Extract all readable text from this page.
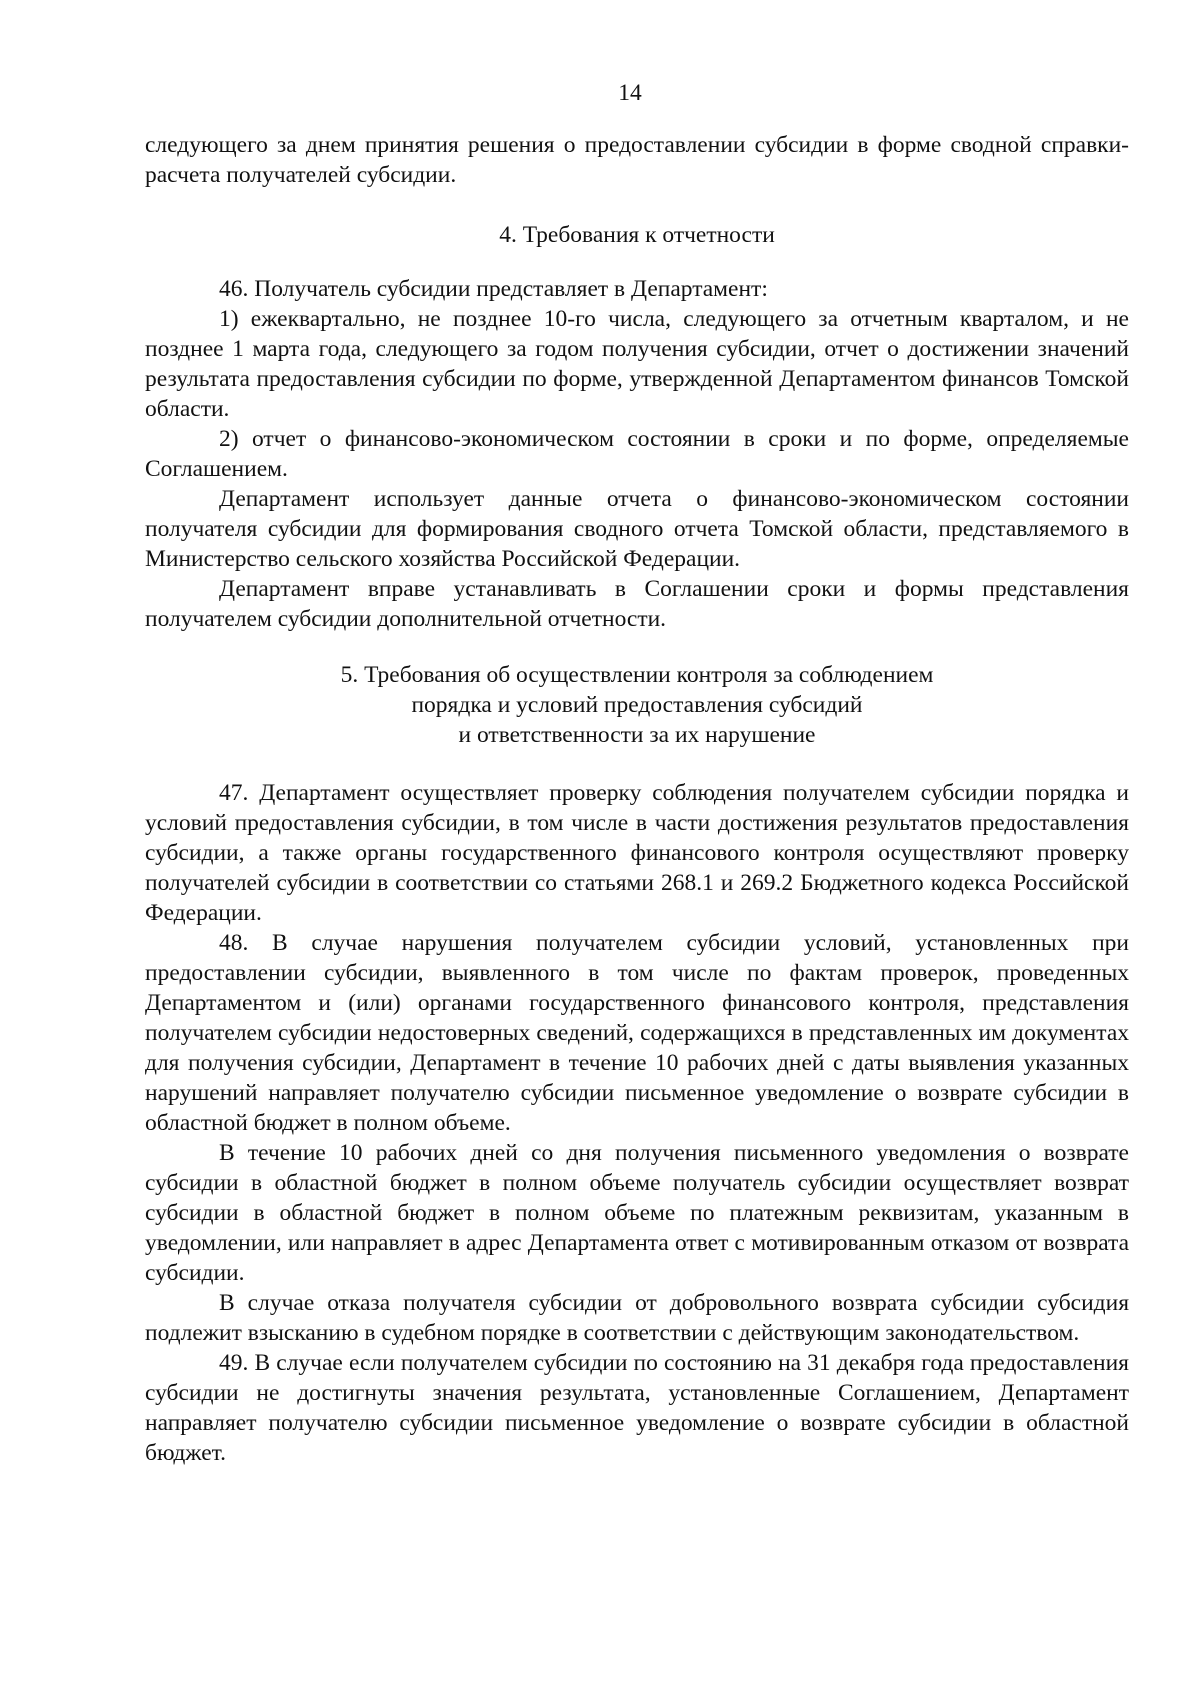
14

следующего за днем принятия решения о предоставлении субсидии в форме сводной справки-расчета получателей субсидии.

4. Требования к отчетности

46. Получатель субсидии представляет в Департамент:

1) ежеквартально, не позднее 10-го числа, следующего за отчетным кварталом, и не позднее 1 марта года, следующего за годом получения субсидии, отчет о достижении значений результата предоставления субсидии по форме, утвержденной Департаментом финансов Томской области.

2) отчет о финансово-экономическом состоянии в сроки и по форме, определяемые Соглашением.

Департамент использует данные отчета о финансово-экономическом состоянии получателя субсидии для формирования сводного отчета Томской области, представляемого в Министерство сельского хозяйства Российской Федерации.

Департамент вправе устанавливать в Соглашении сроки и формы представления получателем субсидии дополнительной отчетности.

5. Требования об осуществлении контроля за соблюдением

порядка и условий предоставления субсидий

и ответственности за их нарушение

47. Департамент осуществляет проверку соблюдения получателем субсидии порядка и условий предоставления субсидии, в том числе в части достижения результатов предоставления субсидии, а также органы государственного финансового контроля осуществляют проверку получателей субсидии в соответствии со статьями 268.1 и 269.2 Бюджетного кодекса Российской Федерации.

48. В случае нарушения получателем субсидии условий, установленных при предоставлении субсидии, выявленного в том числе по фактам проверок, проведенных Департаментом и (или) органами государственного финансового контроля, представления получателем субсидии недостоверных сведений, содержащихся в представленных им документах для получения субсидии, Департамент в течение 10 рабочих дней с даты выявления указанных нарушений направляет получателю субсидии письменное уведомление о возврате субсидии в областной бюджет в полном объеме.

В течение 10 рабочих дней со дня получения письменного уведомления о возврате субсидии в областной бюджет в полном объеме получатель субсидии осуществляет возврат субсидии в областной бюджет в полном объеме по платежным реквизитам, указанным в уведомлении, или направляет в адрес Департамента ответ с мотивированным отказом от возврата субсидии.

В случае отказа получателя субсидии от добровольного возврата субсидии субсидия подлежит взысканию в судебном порядке в соответствии с действующим законодательством.

49. В случае если получателем субсидии по состоянию на 31 декабря года предоставления субсидии не достигнуты значения результата, установленные Соглашением, Департамент направляет получателю субсидии письменное уведомление о возврате субсидии в областной бюджет.
